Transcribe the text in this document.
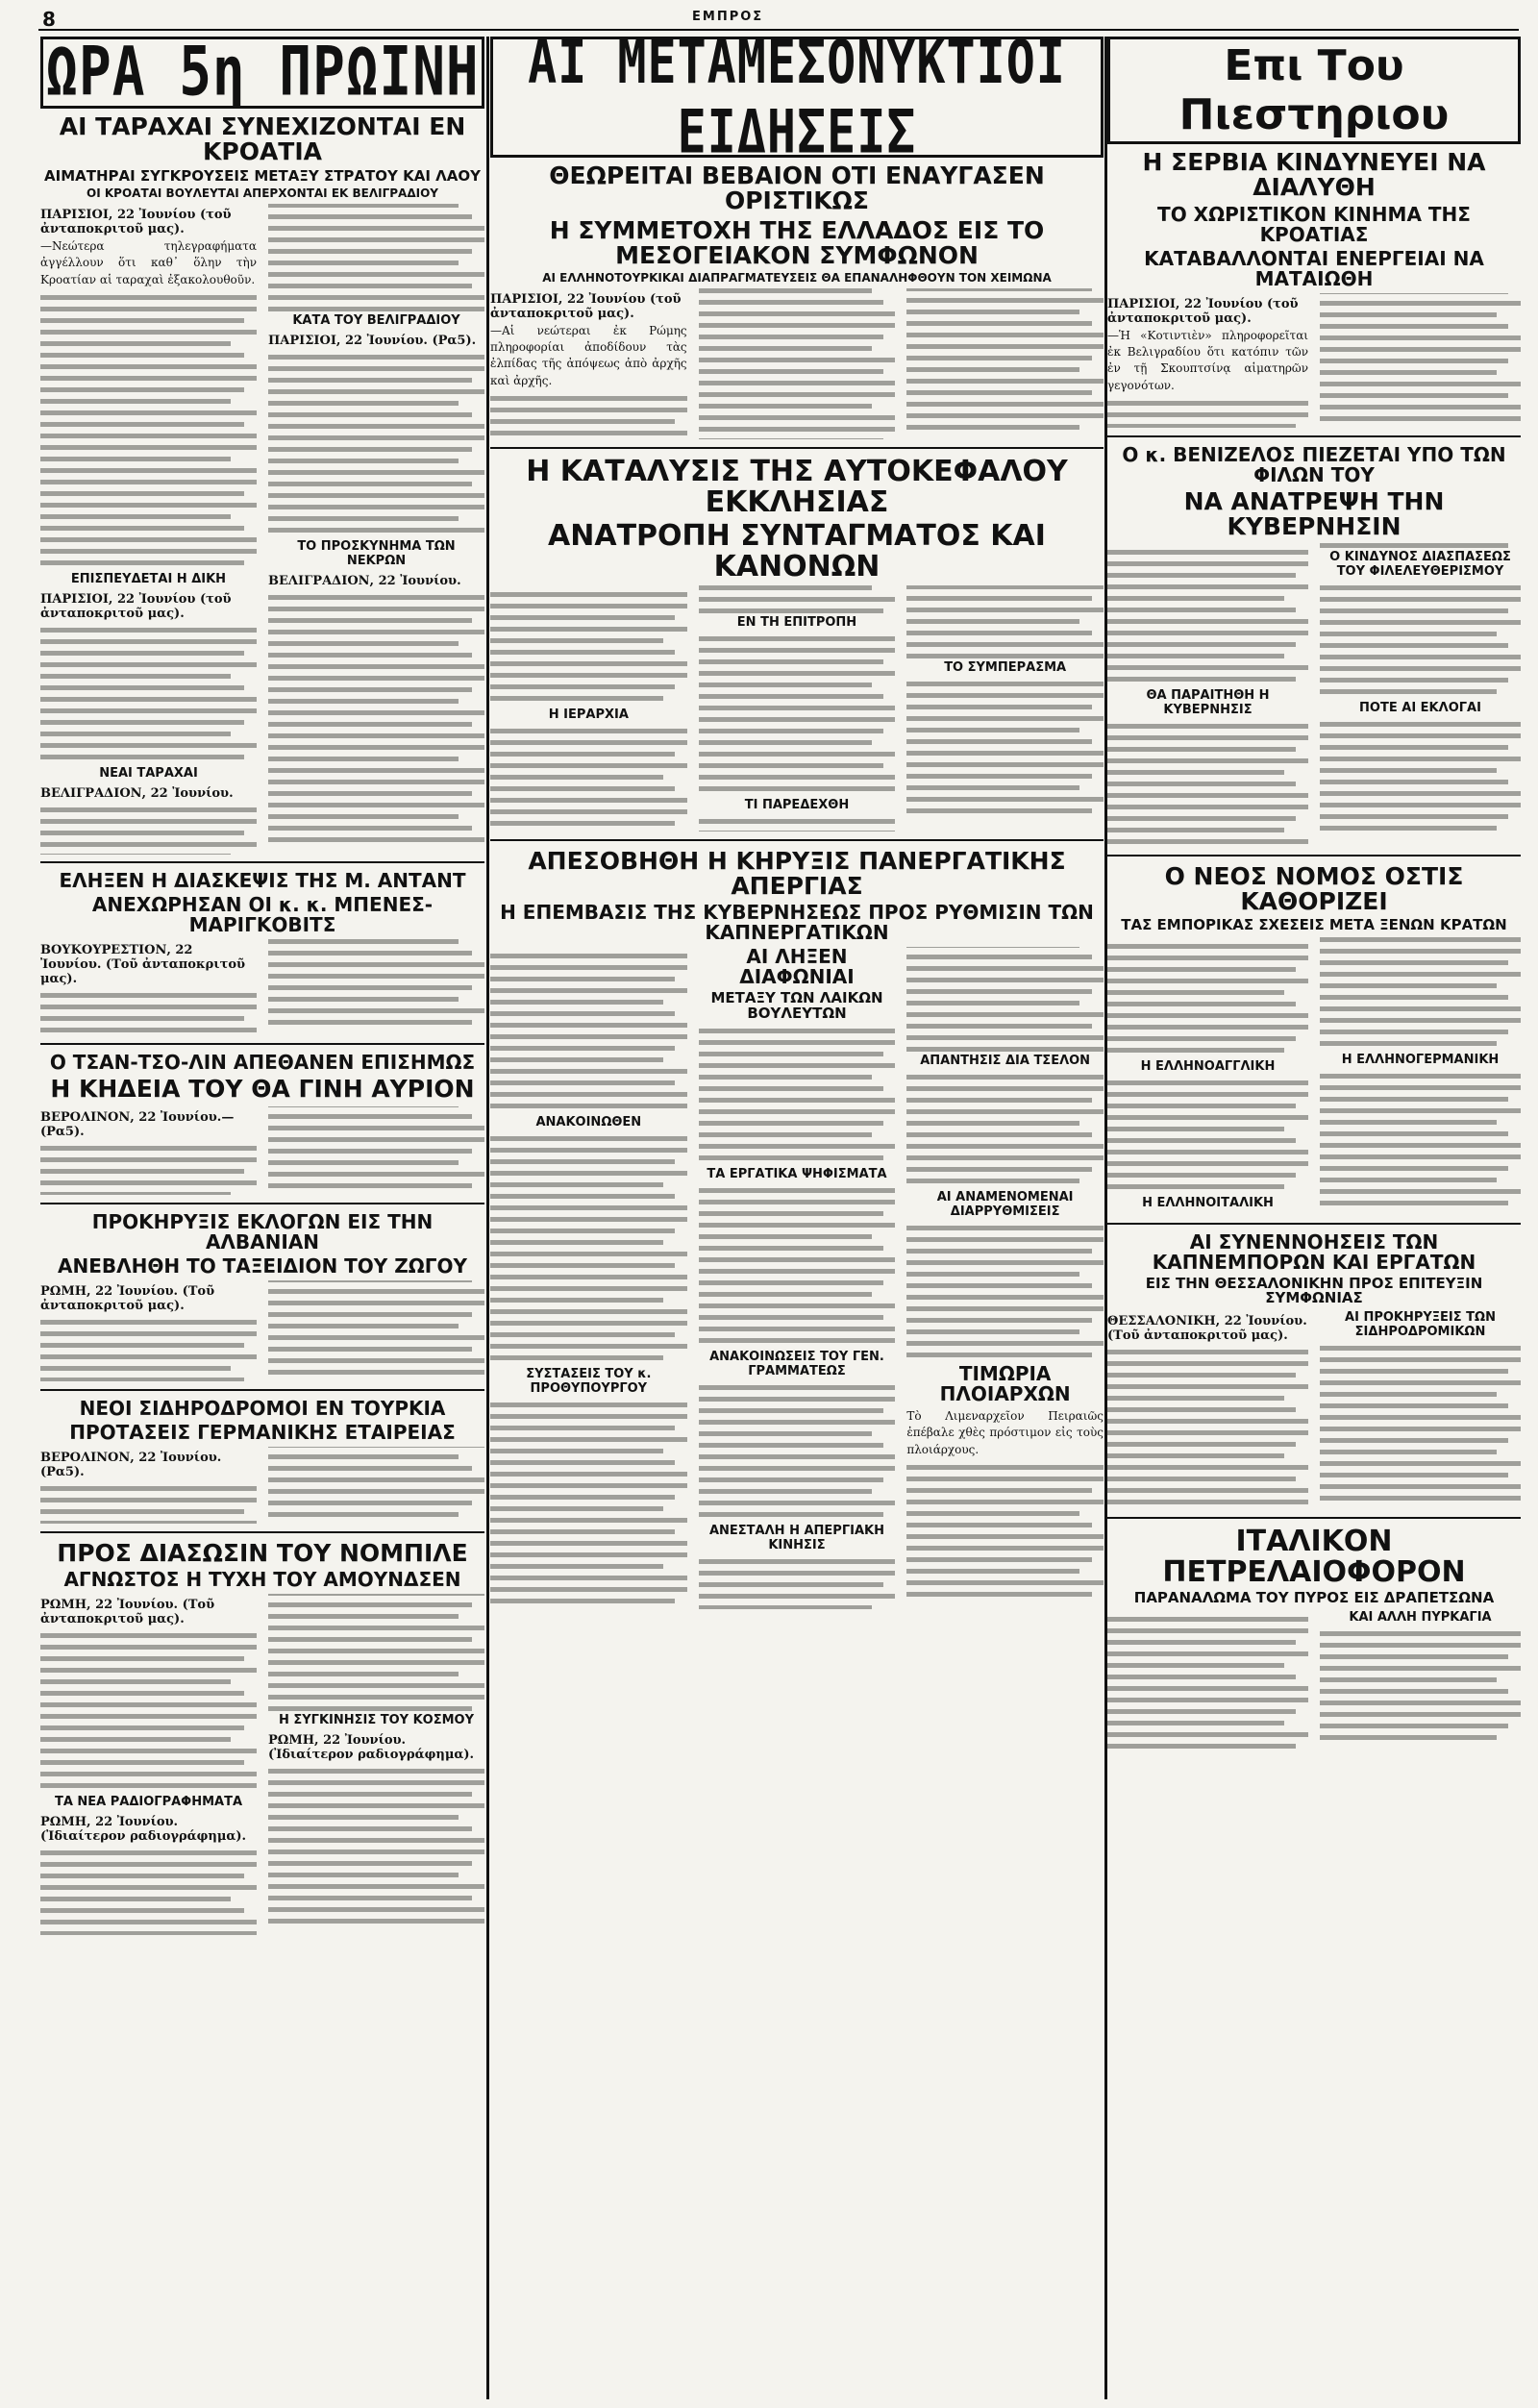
8	ΕΜΠΡΟΣ
ΩΡΑ 5η ΠΡΩΙΝΗ
ΑΙ ΤΑΡΑΧΑΙ ΣΥΝΕΧΙΖΟΝΤΑΙ ΕΝ ΚΡΟΑΤΙΑ
ΑΙΜΑΤΗΡΑΙ ΣΥΓΚΡΟΥΣΕΙΣ ΜΕΤΑΞΥ ΣΤΡΑΤΟΥ ΚΑΙ ΛΑΟΥ
ΟΙ ΚΡΟΑΤΑΙ ΒΟΥΛΕΥΤΑΙ ΑΠΕΡΧΟΝΤΑΙ ΕΚ ΒΕΛΙΓΡΑΔΙΟΥ
ΠΑΡΙΣΙΟΙ, 22 Ἰουνίου (τοῦ ἀνταποκριτοῦ μας).

—Νεώτερα τηλεγραφήματα ἀγγέλλουν ὅτι καθ᾽ ὅλην τὴν Κροατίαν αἱ ταραχαὶ ἐξακολουθοῦν.

ΕΠΙΣΠΕΥΔΕΤΑΙ Η ΔΙΚΗ
ΠΑΡΙΣΙΟΙ, 22 Ἰουνίου (τοῦ ἀνταποκριτοῦ μας).
ΝΕΑΙ ΤΑΡΑΧΑΙ
ΒΕΛΙΓΡΑΔΙΟΝ, 22 Ἰουνίου.
ΚΑΤΑ ΤΟΥ ΒΕΛΙΓΡΑΔΙΟΥ
ΠΑΡΙΣΙΟΙ, 22 Ἰουνίου. (Ρα5).
ΤΟ ΠΡΟΣΚΥΝΗΜΑ ΤΩΝ ΝΕΚΡΩΝ
ΒΕΛΙΓΡΑΔΙΟΝ, 22 Ἰουνίου.
ΕΛΗΞΕΝ Η ΔΙΑΣΚΕΨΙΣ ΤΗΣ Μ. ΑΝΤΑΝΤ
ΑΝΕΧΩΡΗΣΑΝ ΟΙ κ. κ. ΜΠΕΝΕΣ-ΜΑΡΙΓΚΟΒΙΤΣ
ΒΟΥΚΟΥΡΕΣΤΙΟΝ, 22 Ἰουνίου. (Τοῦ ἀνταποκριτοῦ μας).
Ο ΤΣΑΝ-ΤΣΟ-ΛΙΝ ΑΠΕΘΑΝΕΝ ΕΠΙΣΗΜΩΣ
Η ΚΗΔΕΙΑ ΤΟΥ ΘΑ ΓΙΝΗ ΑΥΡΙΟΝ
ΒΕΡΟΛΙΝΟΝ, 22 Ἰουνίου.—(Ρα5).
ΠΡΟΚΗΡΥΞΙΣ ΕΚΛΟΓΩΝ ΕΙΣ ΤΗΝ ΑΛΒΑΝΙΑΝ
ΑΝΕΒΛΗΘΗ ΤΟ ΤΑΞΕΙΔΙΟΝ ΤΟΥ ΖΩΓΟΥ
ΡΩΜΗ, 22 Ἰουνίου. (Τοῦ ἀνταποκριτοῦ μας).
ΝΕΟΙ ΣΙΔΗΡΟΔΡΟΜΟΙ ΕΝ ΤΟΥΡΚΙΑ
ΠΡΟΤΑΣΕΙΣ ΓΕΡΜΑΝΙΚΗΣ ΕΤΑΙΡΕΙΑΣ
ΒΕΡΟΛΙΝΟΝ, 22 Ἰουνίου. (Ρα5).
ΠΡΟΣ ΔΙΑΣΩΣΙΝ ΤΟΥ ΝΟΜΠΙΛΕ
ΑΓΝΩΣΤΟΣ Η ΤΥΧΗ ΤΟΥ ΑΜΟΥΝΔΣΕΝ
ΡΩΜΗ, 22 Ἰουνίου. (Τοῦ ἀνταποκριτοῦ μας).
ΤΑ ΝΕΑ ΡΑΔΙΟΓΡΑΦΗΜΑΤΑ
ΡΩΜΗ, 22 Ἰουνίου. (Ἰδιαίτερον ραδιογράφημα).
Η ΣΥΓΚΙΝΗΣΙΣ ΤΟΥ ΚΟΣΜΟΥ
ΡΩΜΗ, 22 Ἰουνίου. (Ἰδιαίτερον ραδιογράφημα).
ΑΙ ΜΕΤΑΜΕΣΟΝΥΚΤΙΟΙ ΕΙΔΗΣΕΙΣ
ΘΕΩΡΕΙΤΑΙ ΒΕΒΑΙΟΝ ΟΤΙ ΕΝΑΥΓΑΣΕΝ ΟΡΙΣΤΙΚΩΣ
Η ΣΥΜΜΕΤΟΧΗ ΤΗΣ ΕΛΛΑΔΟΣ ΕΙΣ ΤΟ ΜΕΣΟΓΕΙΑΚΟΝ ΣΥΜΦΩΝΟΝ
ΑΙ ΕΛΛΗΝΟΤΟΥΡΚΙΚΑΙ ΔΙΑΠΡΑΓΜΑΤΕΥΣΕΙΣ ΘΑ ΕΠΑΝΑΛΗΦΘΟΥΝ ΤΟΝ ΧΕΙΜΩΝΑ
ΠΑΡΙΣΙΟΙ, 22 Ἰουνίου (τοῦ ἀνταποκριτοῦ μας).

—Αἱ νεώτεραι ἐκ Ρώμης πληροφορίαι ἀποδίδουν τὰς ἐλπίδας τῆς ἀπόψεως ἀπὸ ἀρχῆς καὶ ἀρχῆς.

Η ΚΑΤΑΛΥΣΙΣ ΤΗΣ ΑΥΤΟΚΕΦΑΛΟΥ ΕΚΚΛΗΣΙΑΣ
ΑΝΑΤΡΟΠΗ ΣΥΝΤΑΓΜΑΤΟΣ ΚΑΙ ΚΑΝΟΝΩΝ
Η ΙΕΡΑΡΧΙΑ
ΕΝ ΤΗ ΕΠΙΤΡΟΠΗ
ΤΙ ΠΑΡΕΔΕΧΘΗ
ΤΟ ΣΥΜΠΕΡΑΣΜΑ
ΑΠΕΣΟΒΗΘΗ Η ΚΗΡΥΞΙΣ ΠΑΝΕΡΓΑΤΙΚΗΣ ΑΠΕΡΓΙΑΣ
Η ΕΠΕΜΒΑΣΙΣ ΤΗΣ ΚΥΒΕΡΝΗΣΕΩΣ ΠΡΟΣ ΡΥΘΜΙΣΙΝ ΤΩΝ ΚΑΠΝΕΡΓΑΤΙΚΩΝ
ΑΝΑΚΟΙΝΩΘΕΝ
ΣΥΣΤΑΣΕΙΣ ΤΟΥ κ. ΠΡΟΘΥΠΟΥΡΓΟΥ
ΑΙ ΛΗΞΕΝ ΔΙΑΦΩΝΙΑΙ
ΜΕΤΑΞΥ ΤΩΝ ΛΑΙΚΩΝ ΒΟΥΛΕΥΤΩΝ
ΤΑ ΕΡΓΑΤΙΚΑ ΨΗΦΙΣΜΑΤΑ
ΑΝΑΚΟΙΝΩΣΕΙΣ ΤΟΥ ΓΕΝ. ΓΡΑΜΜΑΤΕΩΣ
ΑΝΕΣΤΑΛΗ Η ΑΠΕΡΓΙΑΚΗ ΚΙΝΗΣΙΣ
ΑΠΑΝΤΗΣΙΣ ΔΙΑ ΤΣΕΛΟΝ
ΑΙ ΑΝΑΜΕΝΟΜΕΝΑΙ ΔΙΑΡΡΥΘΜΙΣΕΙΣ
ΤΙΜΩΡΙΑ ΠΛΟΙΑΡΧΩΝ

Τὸ Λιμεναρχεῖον Πειραιῶς ἐπέβαλε χθὲς πρόστιμον εἰς τοὺς πλοιάρχους.

Επι Του Πιεστηριου
Η ΣΕΡΒΙΑ ΚΙΝΔΥΝΕΥΕΙ ΝΑ ΔΙΑΛΥΘΗ
ΤΟ ΧΩΡΙΣΤΙΚΟΝ ΚΙΝΗΜΑ ΤΗΣ ΚΡΟΑΤΙΑΣ
ΚΑΤΑΒΑΛΛΟΝΤΑΙ ΕΝΕΡΓΕΙΑΙ ΝΑ ΜΑΤΑΙΩΘΗ
ΠΑΡΙΣΙΟΙ, 22 Ἰουνίου (τοῦ ἀνταποκριτοῦ μας).

—Ἡ «Κοτιντιὲν» πληροφορεῖται ἐκ Βελιγραδίου ὅτι κατόπιν τῶν ἐν τῇ Σκουπτσίνᾳ αἱματηρῶν γεγονότων.

Ο κ. ΒΕΝΙΖΕΛΟΣ ΠΙΕΖΕΤΑΙ ΥΠΟ ΤΩΝ ΦΙΛΩΝ ΤΟΥ
ΝΑ ΑΝΑΤΡΕΨΗ ΤΗΝ ΚΥΒΕΡΝΗΣΙΝ
ΘΑ ΠΑΡΑΙΤΗΘΗ Η ΚΥΒΕΡΝΗΣΙΣ
Ο ΚΙΝΔΥΝΟΣ ΔΙΑΣΠΑΣΕΩΣ ΤΟΥ ΦΙΛΕΛΕΥΘΕΡΙΣΜΟΥ
ΠΟΤΕ ΑΙ ΕΚΛΟΓΑΙ
Ο ΝΕΟΣ ΝΟΜΟΣ ΟΣΤΙΣ ΚΑΘΟΡΙΖΕΙ
ΤΑΣ ΕΜΠΟΡΙΚΑΣ ΣΧΕΣΕΙΣ ΜΕΤΑ ΞΕΝΩΝ ΚΡΑΤΩΝ
Η ΕΛΛΗΝΟΑΓΓΛΙΚΗ
Η ΕΛΛΗΝΟΙΤΑΛΙΚΗ
Η ΕΛΛΗΝΟΓΕΡΜΑΝΙΚΗ
ΑΙ ΣΥΝΕΝΝΟΗΣΕΙΣ ΤΩΝ ΚΑΠΝΕΜΠΟΡΩΝ ΚΑΙ ΕΡΓΑΤΩΝ
ΕΙΣ ΤΗΝ ΘΕΣΣΑΛΟΝΙΚΗΝ ΠΡΟΣ ΕΠΙΤΕΥΞΙΝ ΣΥΜΦΩΝΙΑΣ
ΘΕΣΣΑΛΟΝΙΚΗ, 22 Ἰουνίου. (Τοῦ ἀνταποκριτοῦ μας).
ΑΙ ΠΡΟΚΗΡΥΞΕΙΣ ΤΩΝ ΣΙΔΗΡΟΔΡΟΜΙΚΩΝ
ΙΤΑΛΙΚΟΝ ΠΕΤΡΕΛΑΙΟΦΟΡΟΝ
ΠΑΡΑΝΑΛΩΜΑ ΤΟΥ ΠΥΡΟΣ ΕΙΣ ΔΡΑΠΕΤΣΩΝΑ
ΚΑΙ ΑΛΛΗ ΠΥΡΚΑΓΙΑ
